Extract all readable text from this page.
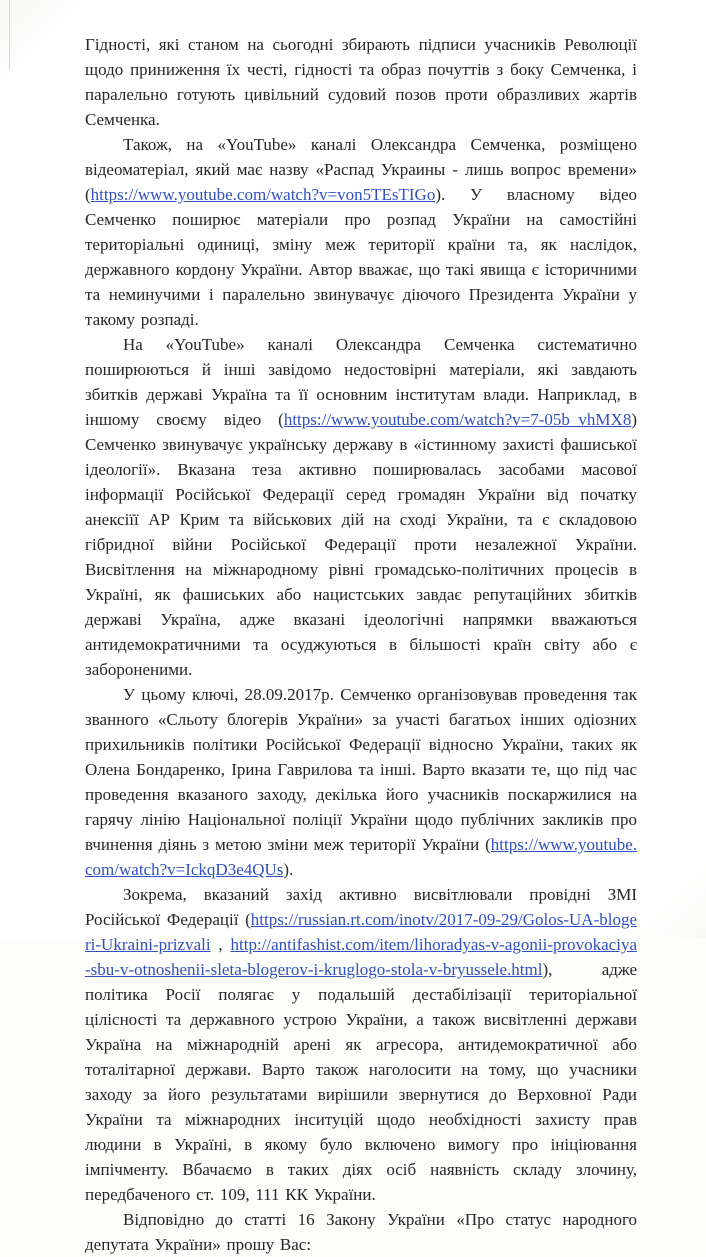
Гідності, які станом на сьогодні збирають підписи учасників Революції щодо приниження їх честі, гідності та образ почуттів з боку Семченка, і паралельно готують цивільний судовий позов проти образливих жартів Семченка.

Також, на «YouTube» каналі Олександра Семченка, розміщено відеоматеріал, який має назву «Распад Украины - лишь вопрос времени» (https://www.youtube.com/watch?v=von5TEsTIGo). У власному відео Семченко поширює матеріали про розпад України на самостійні територіальні одиниці, зміну меж території країни та, як наслідок, державного кордону України. Автор вважає, що такі явища є історичними та неминучими і паралельно звинувачує діючого Президента України у такому розпаді.

На «YouTube» каналі Олександра Семченка систематично поширюються й інші завідомо недостовірні матеріали, які завдають збитків державі Україна та її основним інститутам влади. Наприклад, в іншому своєму відео (https://www.youtube.com/watch?v=7-05b_vhMX8) Семченко звинувачує українську державу в «істинному захисті фашиської ідеології». Вказана теза активно поширювалась засобами масової інформації Російської Федерації серед громадян України від початку анексіїї АР Крим та військових дій на сході України, та є складовою гібридної війни Російської Федерації проти незалежної України. Висвітлення на міжнародному рівні громадсько-політичних процесів в Україні, як фашиських або нацистських завдає репутаційних збитків державі Україна, адже вказані ідеологічні напрямки вважаються антидемократичними та осуджуються в більшості країн світу або є забороненими.

У цьому ключі, 28.09.2017р. Семченко організовував проведення так званного «Сльоту блогерів України» за участі багатьох інших одіозних прихильників політики Російської Федерації відносно України, таких як Олена Бондаренко, Ірина Гаврилова та інші. Варто вказати те, що під час проведення вказаного заходу, декілька його учасників поскаржилися на гарячу лінію Національної поліції України щодо публічних закликів про вчинення діянь з метою зміни меж території України (https://www.youtube.com/watch?v=IckqD3e4QUs).

Зокрема, вказаний захід активно висвітлювали провідні ЗМІ Російської Федерації (https://russian.rt.com/inotv/2017-09-29/Golos-UA-blogeri-Ukraini-prizvali , http://antifashist.com/item/lihoradyas-v-agonii-provokaciya-sbu-v-otnoshenii-sleta-blogerov-i-kruglogo-stola-v-bryussele.html), адже політика Росії полягає у подальшій дестабілізації територіальної цілісності та державного устрою України, а також висвітленні держави Україна на міжнародній арені як агресора, антидемократичної або тоталітарної держави. Варто також наголосити на тому, що учасники заходу за його результатами вирішили звернутися до Верховної Ради України та міжнародних інситуцій щодо необхідності захисту прав людини в Україні, в якому було включено вимогу про ініціювання імпічменту. Вбачаємо в таких діях осіб наявність складу злочину, передбаченого ст. 109, 111 КК України.

Відповідно до статті 16 Закону України «Про статус народного депутата України» прошу Вас:
